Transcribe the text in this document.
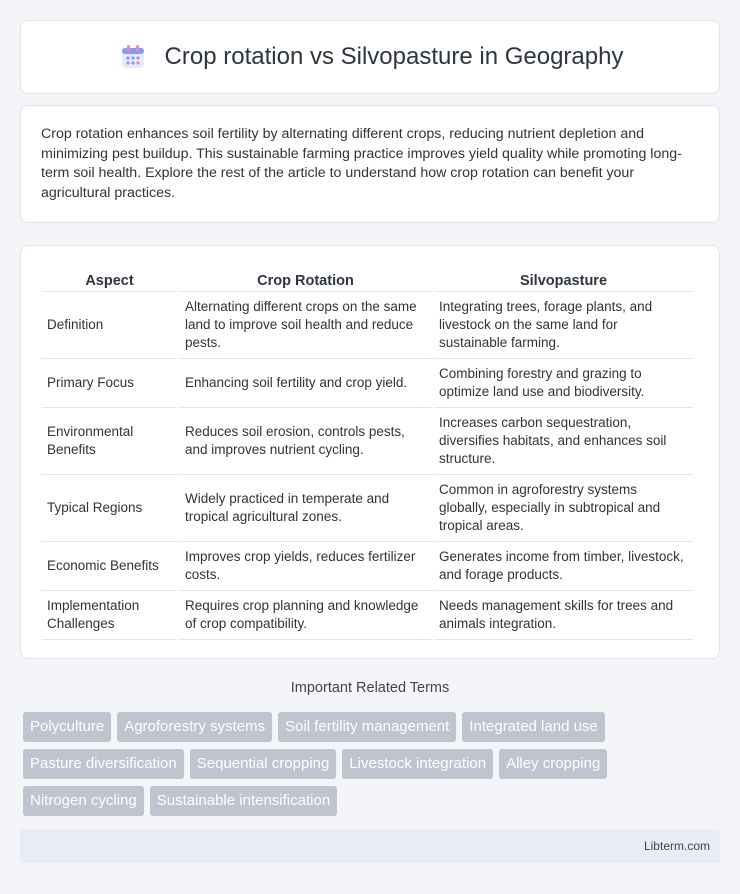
Crop rotation vs Silvopasture in Geography

Crop rotation enhances soil fertility by alternating different crops, reducing nutrient depletion and minimizing pest buildup. This sustainable farming practice improves yield quality while promoting long-term soil health. Explore the rest of the article to understand how crop rotation can benefit your agricultural practices.

Aspect	Crop Rotation	Silvopasture
Definition	Alternating different crops on the same land to improve soil health and reduce pests.	Integrating trees, forage plants, and livestock on the same land for sustainable farming.
Primary Focus	Enhancing soil fertility and crop yield.	Combining forestry and grazing to optimize land use and biodiversity.
Environmental Benefits	Reduces soil erosion, controls pests, and improves nutrient cycling.	Increases carbon sequestration, diversifies habitats, and enhances soil structure.
Typical Regions	Widely practiced in temperate and tropical agricultural zones.	Common in agroforestry systems globally, especially in subtropical and tropical areas.
Economic Benefits	Improves crop yields, reduces fertilizer costs.	Generates income from timber, livestock, and forage products.
Implementation Challenges	Requires crop planning and knowledge of crop compatibility.	Needs management skills for trees and animals integration.
Important Related Terms
Polyculture	Agroforestry systems	Soil fertility management	Integrated land use
Pasture diversification	Sequential cropping	Livestock integration	Alley cropping
Nitrogen cycling	Sustainable intensification
Libterm.com
